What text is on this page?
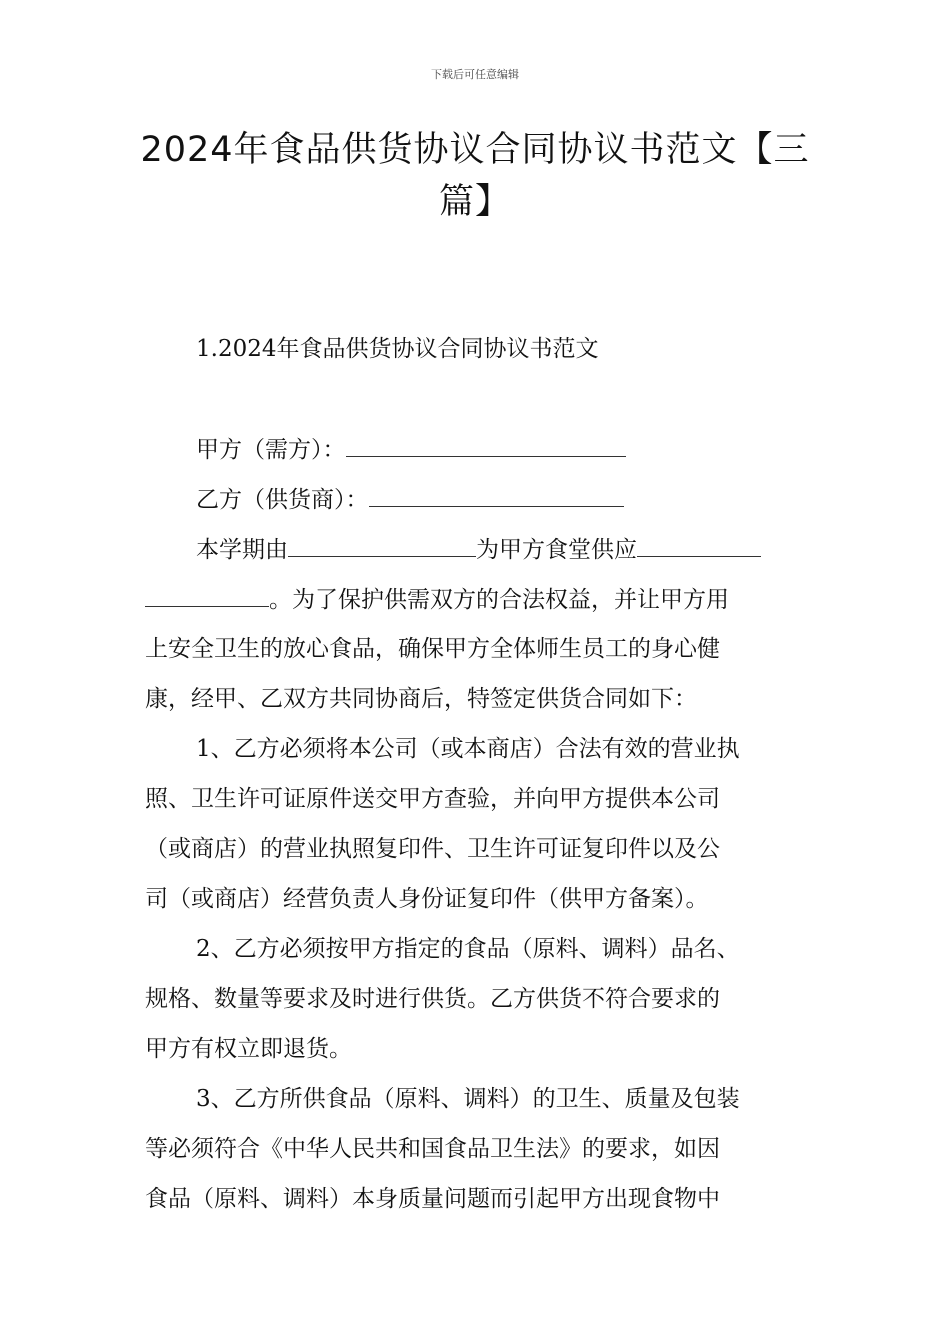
下载后可任意编辑
2024年食品供货协议合同协议书范文【三
篇】
1.2024年食品供货协议合同协议书范文
甲方（需方）：
乙方（供货商）：
本学期由	为甲方食堂供应
。为了保护供需双方的合法权益，并让甲方用
上安全卫生的放心食品，确保甲方全体师生员工的身心健
康，经甲、乙双方共同协商后，特签定供货合同如下：
1、乙方必须将本公司（或本商店）合法有效的营业执
照、卫生许可证原件送交甲方查验，并向甲方提供本公司
（或商店）的营业执照复印件、卫生许可证复印件以及公
司（或商店）经营负责人身份证复印件（供甲方备案）。
2、乙方必须按甲方指定的食品（原料、调料）品名、
规格、数量等要求及时进行供货。乙方供货不符合要求的
甲方有权立即退货。
3、乙方所供食品（原料、调料）的卫生、质量及包装
等必须符合《中华人民共和国食品卫生法》的要求，如因
食品（原料、调料）本身质量问题而引起甲方出现食物中
